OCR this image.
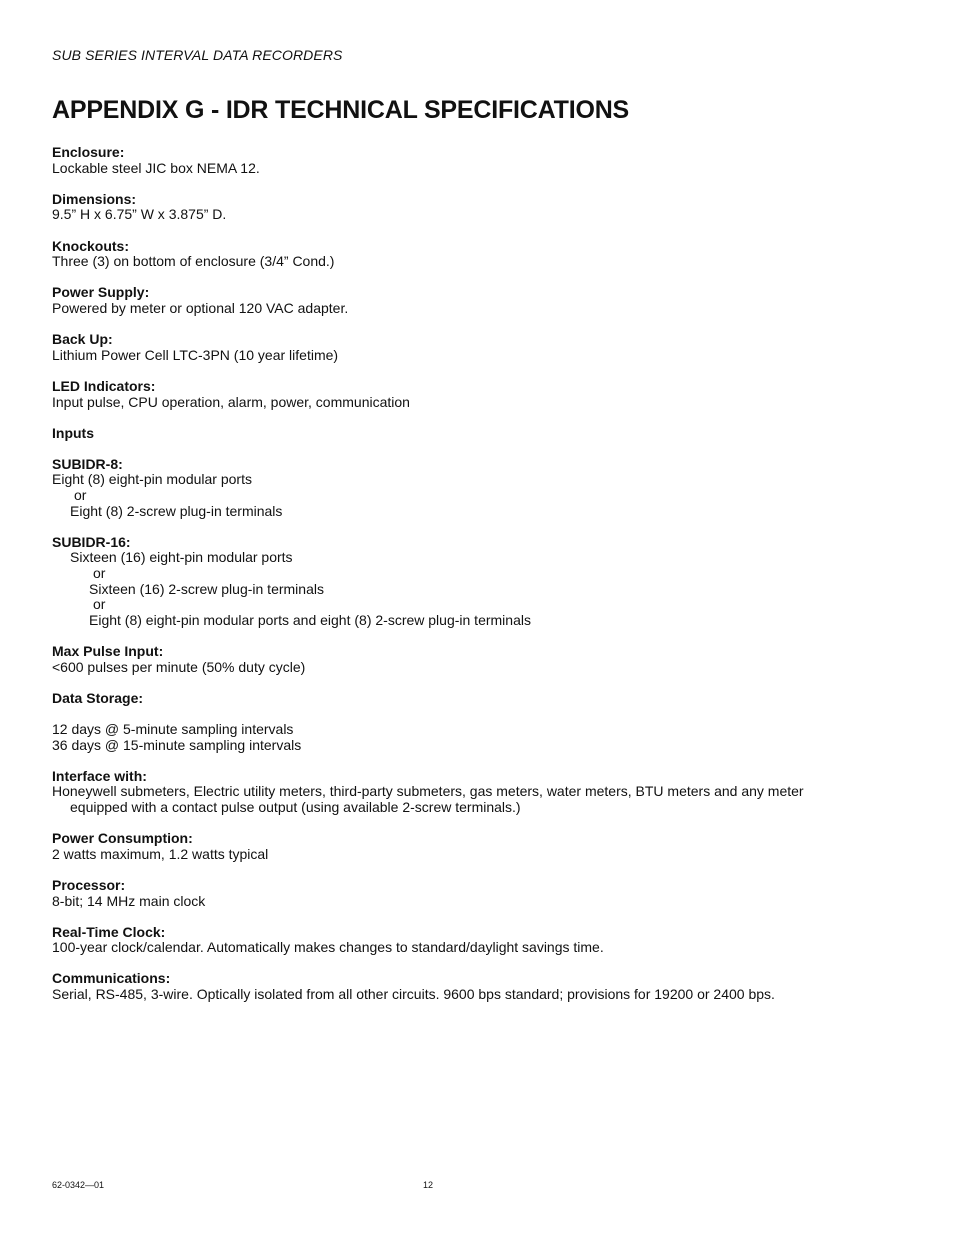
SUB SERIES INTERVAL DATA RECORDERS
APPENDIX G - IDR TECHNICAL SPECIFICATIONS
Enclosure:
Lockable steel JIC box NEMA 12.
Dimensions:
9.5” H x 6.75” W x 3.875” D.
Knockouts:
Three (3) on bottom of enclosure (3/4” Cond.)
Power Supply:
Powered by meter or optional 120 VAC adapter.
Back Up:
Lithium Power Cell LTC-3PN (10 year lifetime)
LED Indicators:
Input pulse, CPU operation, alarm, power, communication
Inputs
SUBIDR-8:
Eight (8) eight-pin modular ports
or
Eight (8) 2-screw plug-in terminals
SUBIDR-16:
Sixteen (16) eight-pin modular ports
or
Sixteen (16) 2-screw plug-in terminals
or
Eight (8) eight-pin modular ports and eight (8) 2-screw plug-in terminals
Max Pulse Input:
<600 pulses per minute (50% duty cycle)
Data Storage:

12 days @ 5-minute sampling intervals
36 days @ 15-minute sampling intervals
Interface with:
Honeywell submeters, Electric utility meters, third-party submeters, gas meters, water meters, BTU meters and any meter
equipped with a contact pulse output (using available 2-screw terminals.)
Power Consumption:
2 watts maximum, 1.2 watts typical
Processor:
8-bit; 14 MHz main clock
Real-Time Clock:
100-year clock/calendar. Automatically makes changes to standard/daylight savings time.
Communications:
Serial, RS-485, 3-wire. Optically isolated from all other circuits. 9600 bps standard; provisions for 19200 or 2400 bps.
62-0342—01	12
